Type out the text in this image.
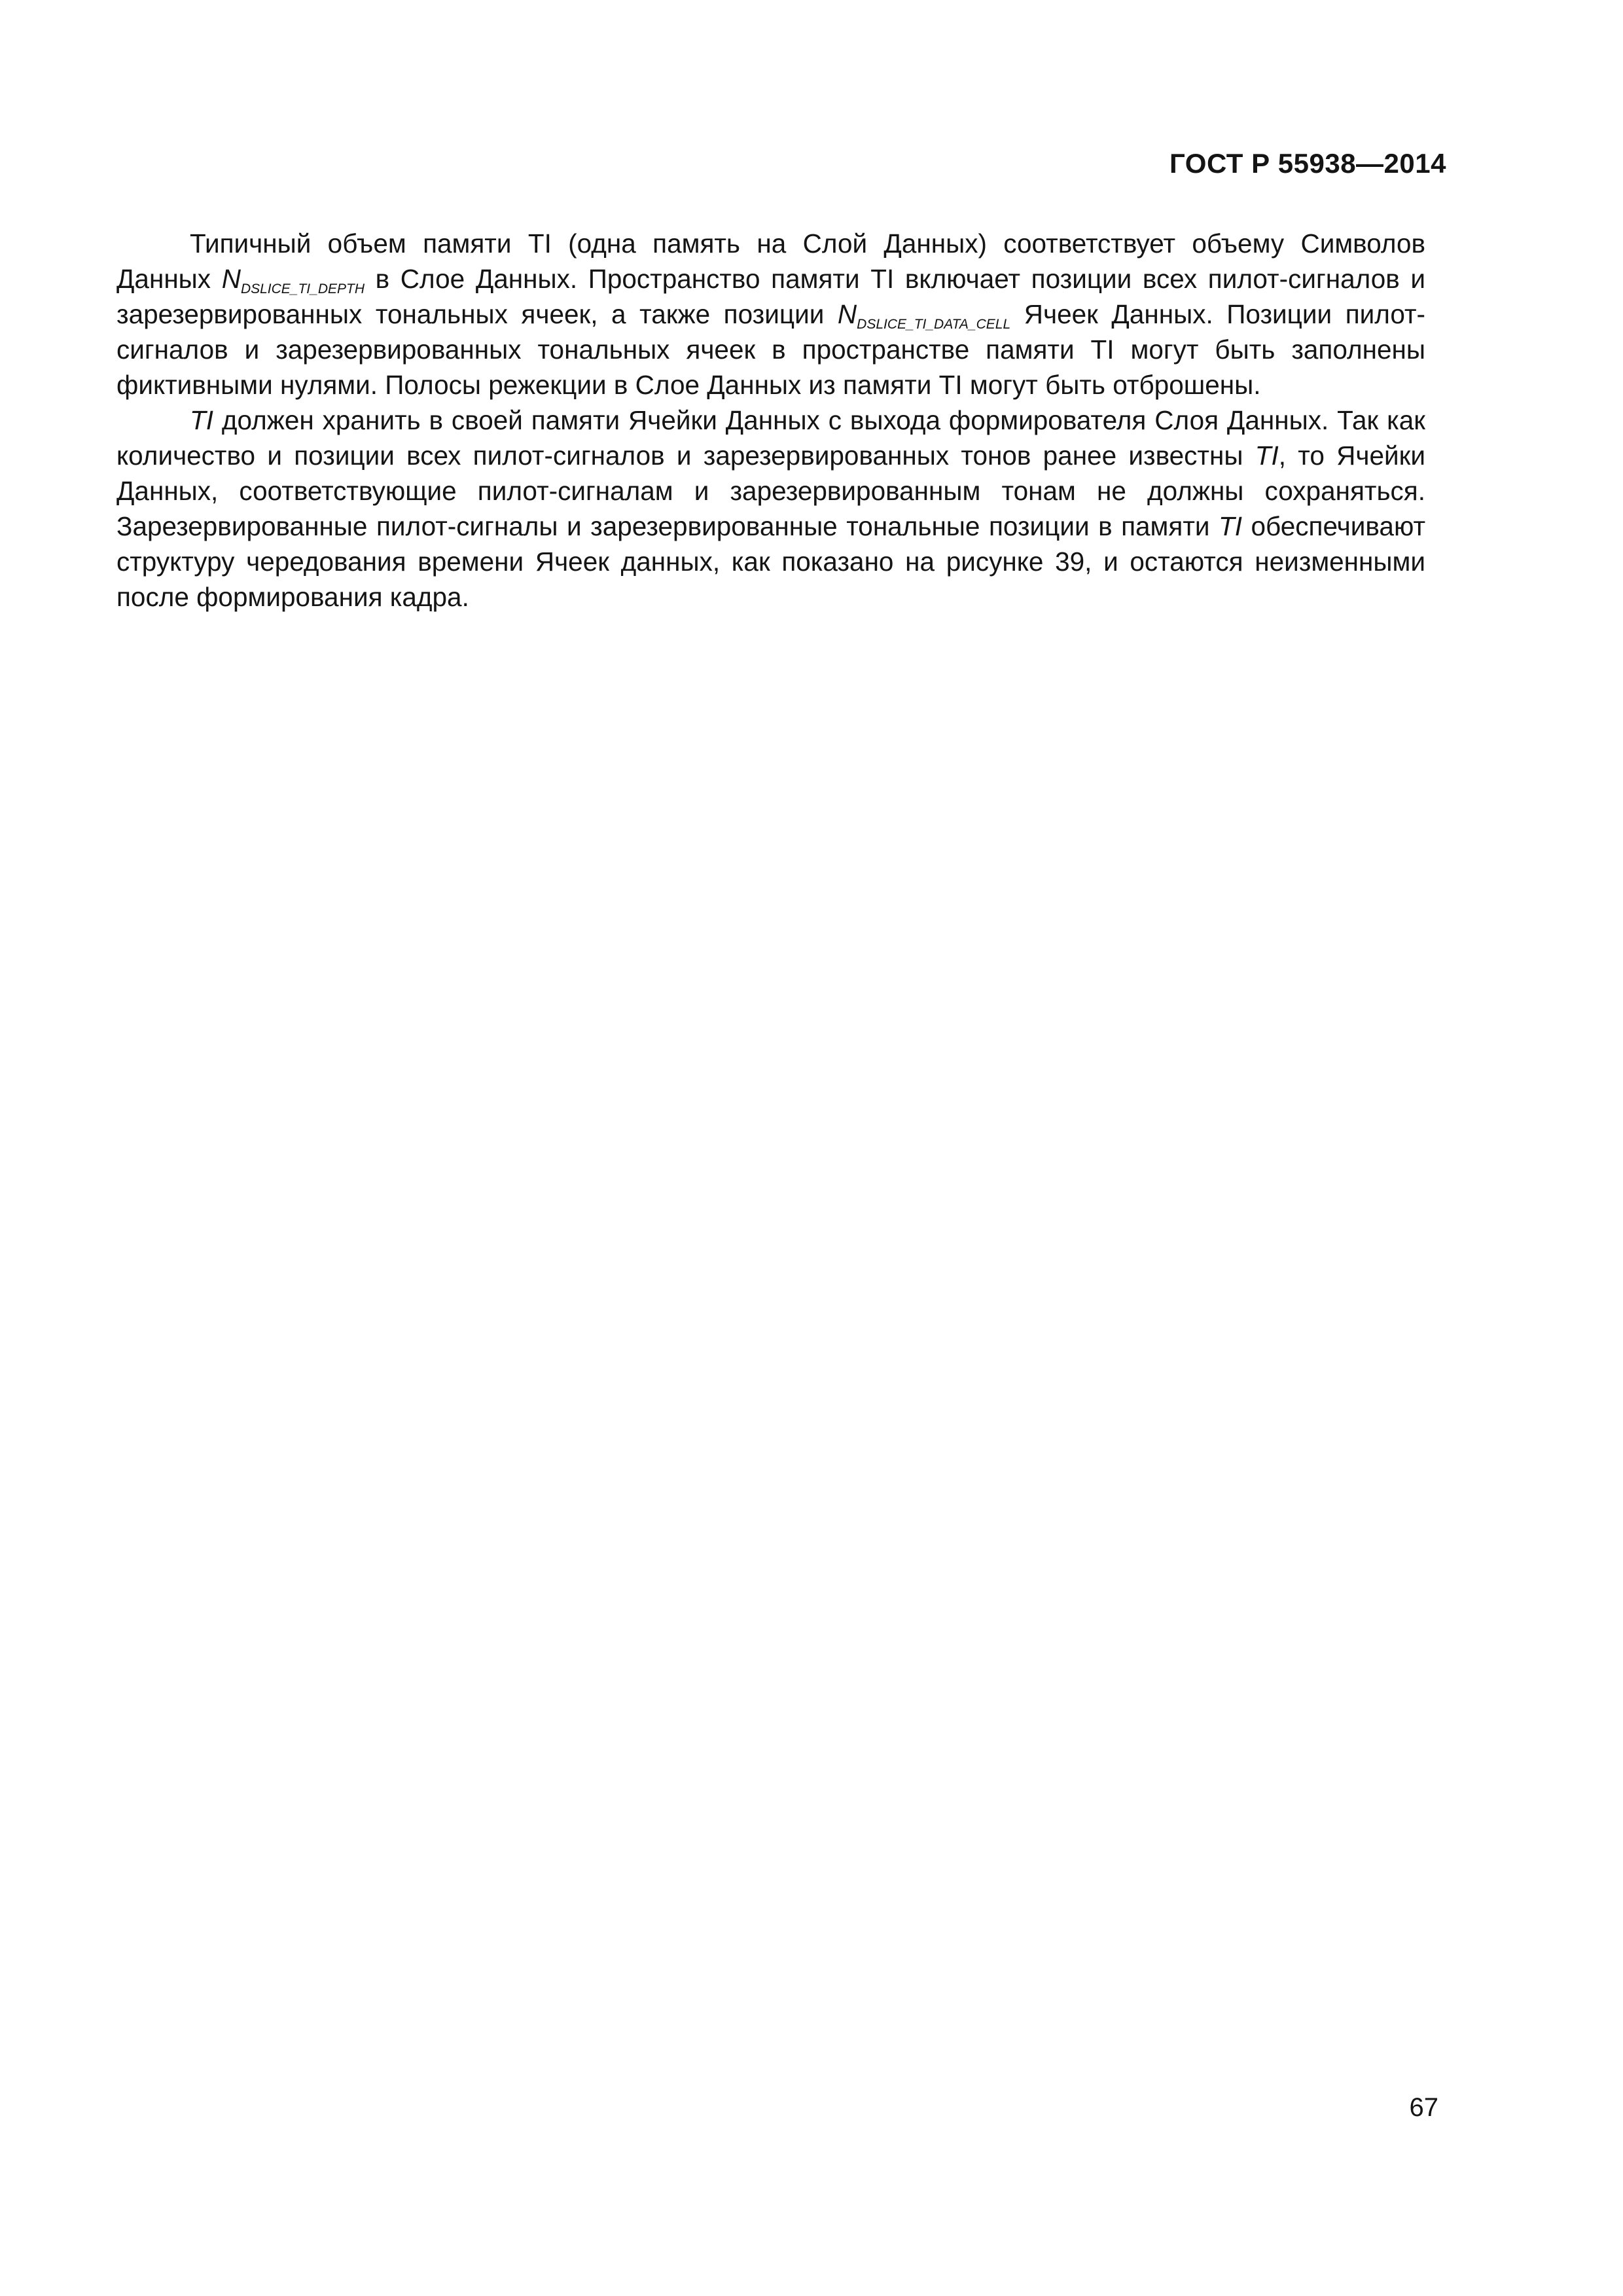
ГОСТ Р 55938—2014

Типичный объем памяти TI (одна память на Слой Данных) соответствует объему Символов Данных $N_{DSLICE\_TI\_DEPTH}$ в Слое Данных. Пространство памяти TI включает позиции всех пилот-сигналов и зарезервированных тональных ячеек, а также позиции $N_{DSLICE\_TI\_DATA\_CELL}$ Ячеек Данных. Позиции пилот-сигналов и зарезервированных тональных ячеек в пространстве памяти TI могут быть заполнены фиктивными нулями. Полосы режекции в Слое Данных из памяти TI могут быть отброшены.

TI должен хранить в своей памяти Ячейки Данных с выхода формирователя Слоя Данных. Так как количество и позиции всех пилот-сигналов и зарезервированных тонов ранее известны TI, то Ячейки Данных, соответствующие пилот-сигналам и зарезервированным тонам не должны сохраняться. Зарезервированные пилот-сигналы и зарезервированные тональные позиции в памяти TI обеспечивают структуру чередования времени Ячеек данных, как показано на рисунке 39, и остаются неизменными после формирования кадра.

67
